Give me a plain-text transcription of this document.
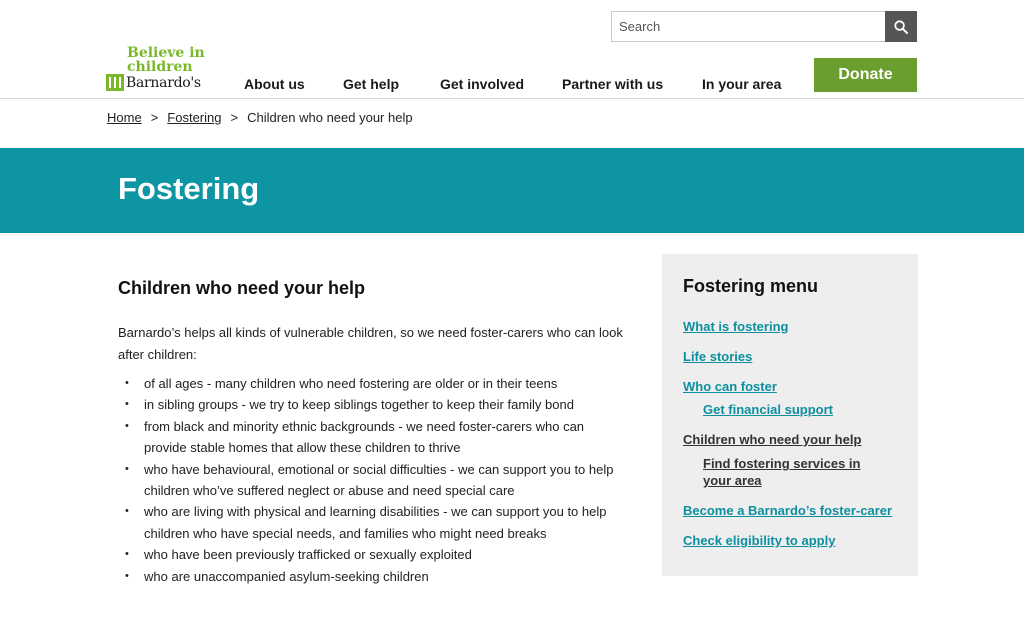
Believe in
children
Barnardo's
Search	About us	Get help	Get involved	Partner with us	In your area
Donate
Home > Fostering > Children who need your help
Fostering
Children who need your help

Barnardo’s helps all kinds of vulnerable children, so we need foster-carers who can look after children:

• of all ages - many children who need fostering are older or in their teens
• in sibling groups - we try to keep siblings together to keep their family bond
• from black and minority ethnic backgrounds - we need foster-carers who can provide stable homes that allow these children to thrive
• who have behavioural, emotional or social difficulties - we can support you to help children who’ve suffered neglect or abuse and need special care
• who are living with physical and learning disabilities - we can support you to help children who have special needs, and families who might need breaks
• who have been previously trafficked or sexually exploited
• who are unaccompanied asylum-seeking children
Fostering menu
What is fostering
Life stories
Who can foster
Get financial support
Children who need your help
Find fostering services in your area
Become a Barnardo’s foster-carer
Check eligibility to apply
